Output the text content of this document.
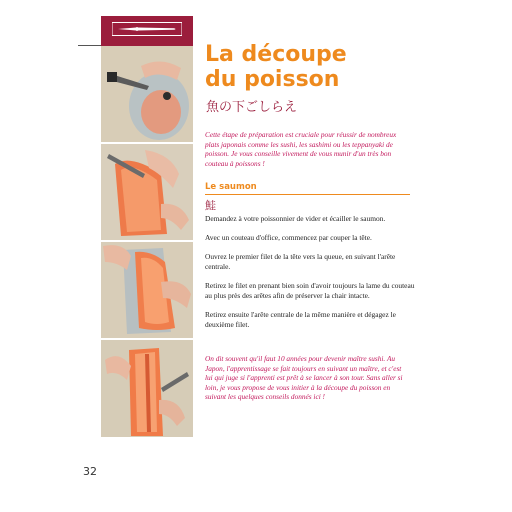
La découpe
du poisson
魚の下ごしらえ

Cette étape de préparation est cruciale pour réussir de nombreux plats japonais comme les sushi, les sashimi ou les teppanyaki de poisson. Je vous conseille vivement de vous munir d'un très bon couteau à poissons !

Le saumon
鮭

Demandez à votre poissonnier de vider et écailler le saumon.

Avec un couteau d'office, commencez par couper la tête.

Ouvrez le premier filet de la tête vers la queue, en suivant l'arête centrale.

Retirez le filet en prenant bien soin d'avoir toujours la lame du couteau au plus près des arêtes afin de préserver la chair intacte.

Retirez ensuite l'arête centrale de la même manière et dégagez le deuxième filet.

On dit souvent qu'il faut 10 années pour devenir maître sushi. Au Japon, l'apprentissage se fait toujours en suivant un maître, et c'est lui qui juge si l'apprenti est prêt à se lancer à son tour. Sans aller si loin, je vous propose de vous initier à la découpe du poisson en suivant les quelques conseils donnés ici !

32
